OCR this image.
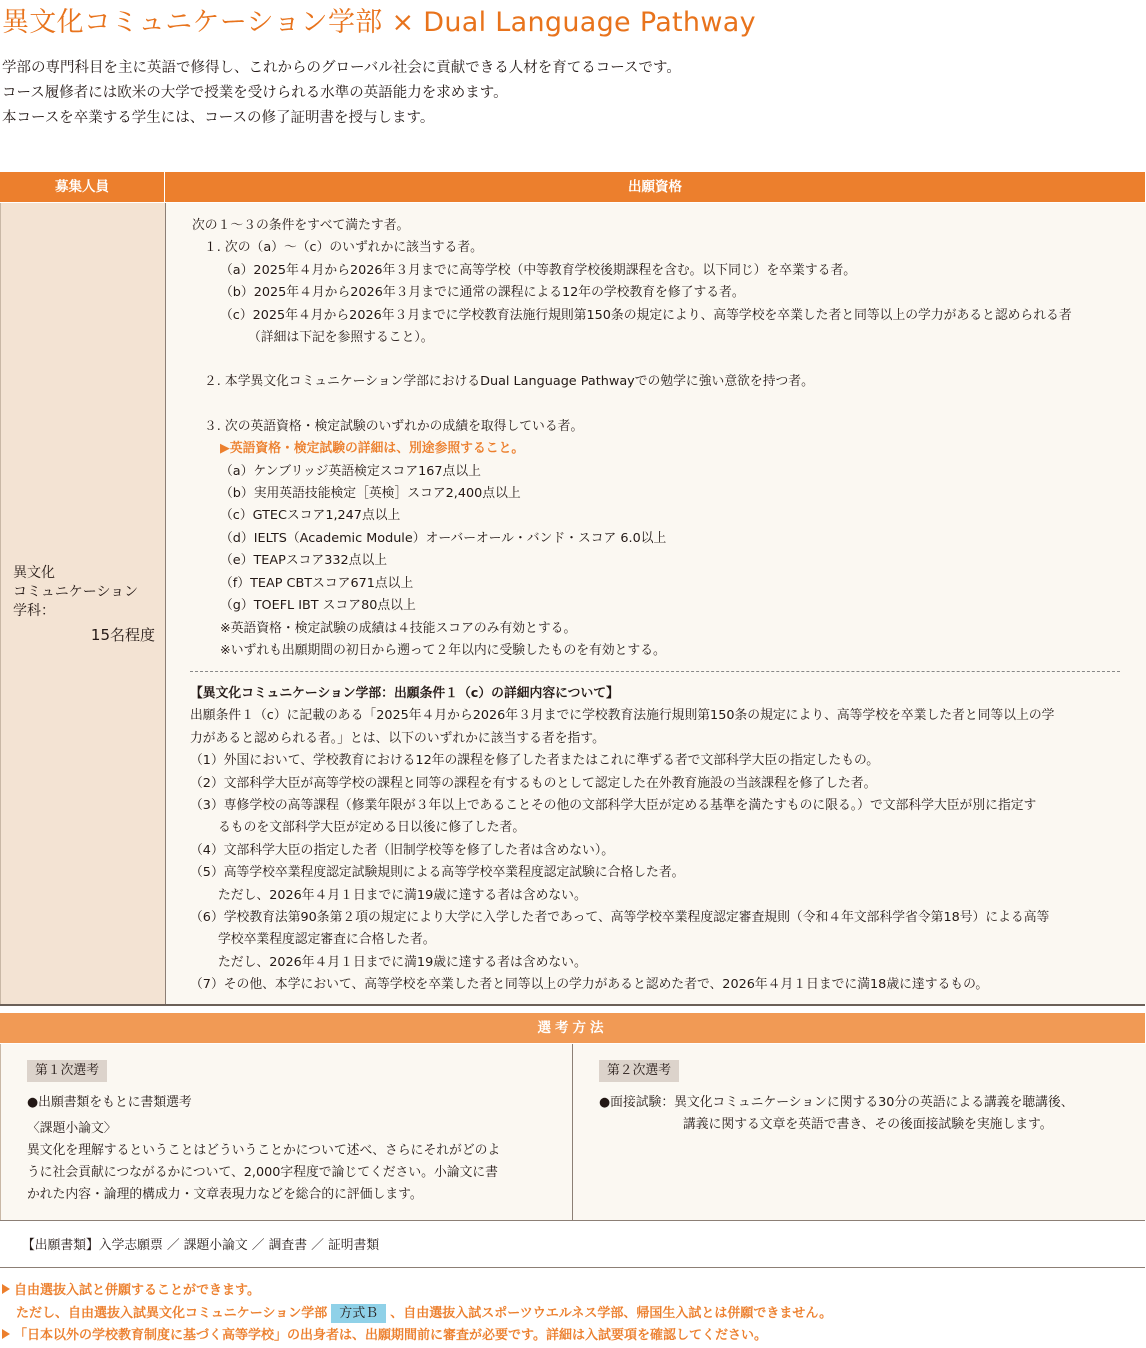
異文化コミュニケーション学部 × Dual Language Pathway
学部の専門科目を主に英語で修得し、これからのグローバル社会に貢献できる人材を育てるコースです。
コース履修者には欧米の大学で授業を受けられる水準の英語能力を求めます。
本コースを卒業する学生には、コースの修了証明書を授与します。
募集人員	出願資格
異文化
コミュニケーション
学科：
15名程度
次の１～３の条件をすべて満たす者。
１. 次の（a）～（c）のいずれかに該当する者。
（a）2025年４月から2026年３月までに高等学校（中等教育学校後期課程を含む。以下同じ）を卒業する者。
（b）2025年４月から2026年３月までに通常の課程による12年の学校教育を修了する者。
（c）2025年４月から2026年３月までに学校教育法施行規則第150条の規定により、高等学校を卒業した者と同等以上の学力があると認められる者
（詳細は下記を参照すること）。
２. 本学異文化コミュニケーション学部におけるDual Language Pathwayでの勉学に強い意欲を持つ者。
３. 次の英語資格・検定試験のいずれかの成績を取得している者。
▶英語資格・検定試験の詳細は、別途参照すること。
（a）ケンブリッジ英語検定スコア167点以上
（b）実用英語技能検定［英検］スコア2,400点以上
（c）GTECスコア1,247点以上
（d）IELTS（Academic Module）オーバーオール・バンド・スコア 6.0以上
（e）TEAPスコア332点以上
（f）TEAP CBTスコア671点以上
（g）TOEFL IBT スコア80点以上
※英語資格・検定試験の成績は４技能スコアのみ有効とする。
※いずれも出願期間の初日から遡って２年以内に受験したものを有効とする。
【異文化コミュニケーション学部：出願条件１（c）の詳細内容について】
出願条件１（c）に記載のある「2025年４月から2026年３月までに学校教育法施行規則第150条の規定により、高等学校を卒業した者と同等以上の学
力があると認められる者。」とは、以下のいずれかに該当する者を指す。
（1）外国において、学校教育における12年の課程を修了した者またはこれに準ずる者で文部科学大臣の指定したもの。
（2）文部科学大臣が高等学校の課程と同等の課程を有するものとして認定した在外教育施設の当該課程を修了した者。
（3）専修学校の高等課程（修業年限が３年以上であることその他の文部科学大臣が定める基準を満たすものに限る。）で文部科学大臣が別に指定す
るものを文部科学大臣が定める日以後に修了した者。
（4）文部科学大臣の指定した者（旧制学校等を修了した者は含めない）。
（5）高等学校卒業程度認定試験規則による高等学校卒業程度認定試験に合格した者。
ただし、2026年４月１日までに満19歳に達する者は含めない。
（6）学校教育法第90条第２項の規定により大学に入学した者であって、高等学校卒業程度認定審査規則（令和４年文部科学省令第18号）による高等
学校卒業程度認定審査に合格した者。
ただし、2026年４月１日までに満19歳に達する者は含めない。
（7）その他、本学において、高等学校を卒業した者と同等以上の学力があると認めた者で、2026年４月１日までに満18歳に達するもの。
選考方法
第１次選考
●出願書類をもとに書類選考
〈課題小論文〉
異文化を理解するということはどういうことかについて述べ、さらにそれがどのよ
うに社会貢献につながるかについて、2,000字程度で論じてください。小論文に書
かれた内容・論理的構成力・文章表現力などを総合的に評価します。
第２次選考
●面接試験：異文化コミュニケーションに関する30分の英語による講義を聴講後、
講義に関する文章を英語で書き、その後面接試験を実施します。
【出願書類】入学志願票 ／ 課題小論文 ／ 調査書 ／ 証明書類
自由選抜入試と併願することができます。
ただし、自由選抜入試異文化コミュニケーション学部 方式Ｂ 、自由選抜入試スポーツウエルネス学部、帰国生入試とは併願できません。
「日本以外の学校教育制度に基づく高等学校」の出身者は、出願期間前に審査が必要です。詳細は入試要項を確認してください。
